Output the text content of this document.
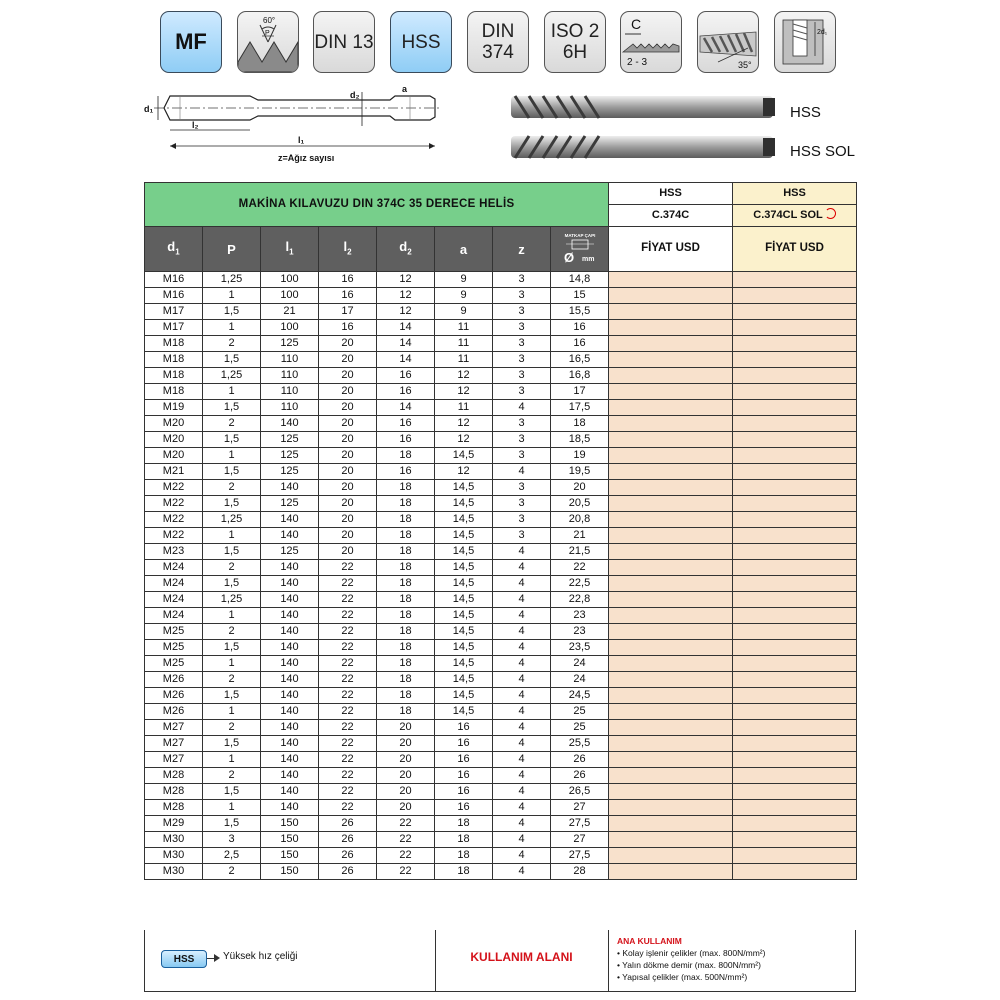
MF
60°
P DIN 13 HSS DIN
374
ISO 2
6H
C
2 - 3	35°
2d₁
d₁
d₂
a
l₂
l₁
z=Ağız sayısı
HSS
HSS SOL
MAKİNA KILAVUZU DIN 374C 35 DERECE HELİS								HSS	HSS
								C.374C	C.374CL SOL
$d_1$	P	$l_1$	$l_2$	$d_2$	a	z	MATKAP ÇAPI
Ø mm	FİYAT USD	FİYAT USD
M16	1,25	100	16	12	9	3	14,8		
M16	1	100	16	12	9	3	15		
M17	1,5	21	17	12	9	3	15,5		
M17	1	100	16	14	11	3	16		
M18	2	125	20	14	11	3	16		
M18	1,5	110	20	14	11	3	16,5		
M18	1,25	110	20	16	12	3	16,8		
M18	1	110	20	16	12	3	17		
M19	1,5	110	20	14	11	4	17,5		
M20	2	140	20	16	12	3	18		
M20	1,5	125	20	16	12	3	18,5		
M20	1	125	20	18	14,5	3	19		
M21	1,5	125	20	16	12	4	19,5		
M22	2	140	20	18	14,5	3	20		
M22	1,5	125	20	18	14,5	3	20,5		
M22	1,25	140	20	18	14,5	3	20,8		
M22	1	140	20	18	14,5	3	21		
M23	1,5	125	20	18	14,5	4	21,5		
M24	2	140	22	18	14,5	4	22		
M24	1,5	140	22	18	14,5	4	22,5		
M24	1,25	140	22	18	14,5	4	22,8		
M24	1	140	22	18	14,5	4	23		
M25	2	140	22	18	14,5	4	23		
M25	1,5	140	22	18	14,5	4	23,5		
M25	1	140	22	18	14,5	4	24		
M26	2	140	22	18	14,5	4	24		
M26	1,5	140	22	18	14,5	4	24,5		
M26	1	140	22	18	14,5	4	25		
M27	2	140	22	20	16	4	25		
M27	1,5	140	22	20	16	4	25,5		
M27	1	140	22	20	16	4	26		
M28	2	140	22	20	16	4	26		
M28	1,5	140	22	20	16	4	26,5		
M28	1	140	22	20	16	4	27		
M29	1,5	150	26	22	18	4	27,5		
M30	3	150	26	22	18	4	27		
M30	2,5	150	26	22	18	4	27,5		
M30	2	150	26	22	18	4	28		
HSS	Yüksek hız çeliği	KULLANIM ALANI
ANA KULLANIM
• Kolay işlenir çelikler (max. 800N/mm²)
• Yalın dökme demir (max. 800N/mm²)
• Yapısal çelikler (max. 500N/mm²)
